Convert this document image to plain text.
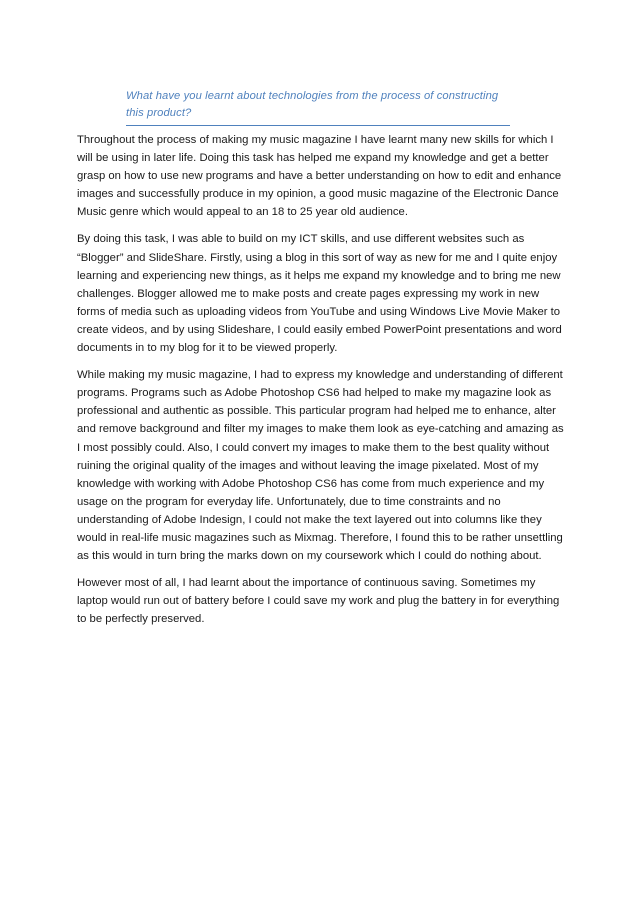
What have you learnt about technologies from the process of constructing this product?

Throughout the process of making my music magazine I have learnt many new skills for which I will be using in later life. Doing this task has helped me expand my knowledge and get a better grasp on how to use new programs and have a better understanding on how to edit and enhance images and successfully produce in my opinion, a good music magazine of the Electronic Dance Music genre which would appeal to an 18 to 25 year old audience.

By doing this task, I was able to build on my ICT skills, and use different websites such as “Blogger” and SlideShare. Firstly, using a blog in this sort of way as new for me and I quite enjoy learning and experiencing new things, as it helps me expand my knowledge and to bring me new challenges. Blogger allowed me to make posts and create pages expressing my work in new forms of media such as uploading videos from YouTube and using Windows Live Movie Maker to create videos, and by using Slideshare, I could easily embed PowerPoint presentations and word documents in to my blog for it to be viewed properly.

While making my music magazine, I had to express my knowledge and understanding of different programs. Programs such as Adobe Photoshop CS6 had helped to make my magazine look as professional and authentic as possible. This particular program had helped me to enhance, alter and remove background and filter my images to make them look as eye-catching and amazing as I most possibly could. Also, I could convert my images to make them to the best quality without ruining the original quality of the images and without leaving the image pixelated. Most of my knowledge with working with Adobe Photoshop CS6 has come from much experience and my usage on the program for everyday life. Unfortunately, due to time constraints and no understanding of Adobe Indesign, I could not make the text layered out into columns like they would in real-life music magazines such as Mixmag. Therefore, I found this to be rather unsettling as this would in turn bring the marks down on my coursework which I could do nothing about.

However most of all, I had learnt about the importance of continuous saving. Sometimes my laptop would run out of battery before I could save my work and plug the battery in for everything to be perfectly preserved.
